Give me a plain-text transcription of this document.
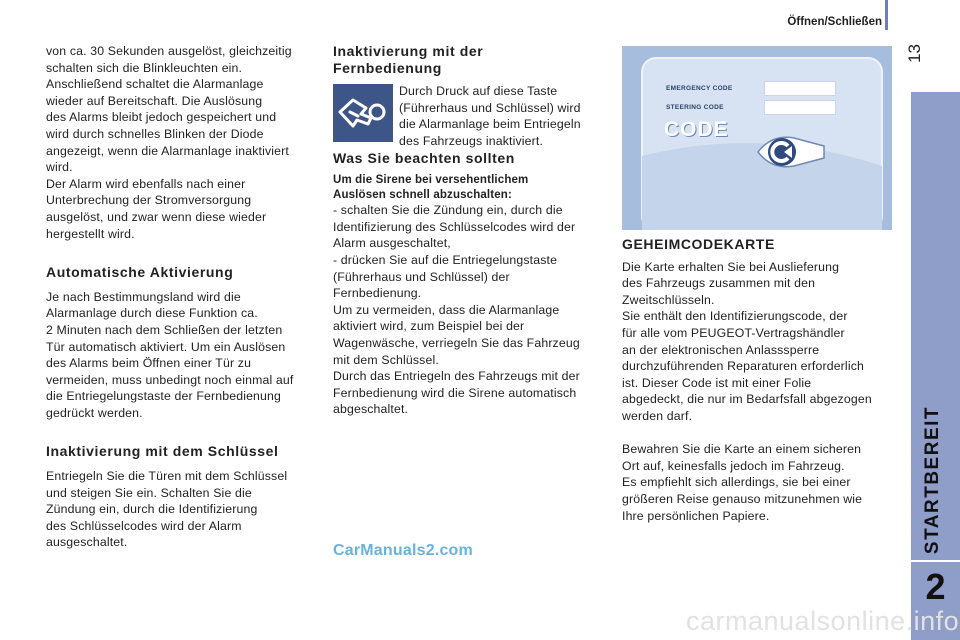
Öffnen/Schließen
13
STARTBEREIT
2

von ca. 30 Sekunden ausgelöst, gleichzeitig
schalten sich die Blinkleuchten ein.
Anschließend schaltet die Alarmanlage
wieder auf Bereitschaft. Die Auslösung
des Alarms bleibt jedoch gespeichert und
wird durch schnelles Blinken der Diode
angezeigt, wenn die Alarmanlage inaktiviert
wird.
Der Alarm wird ebenfalls nach einer
Unterbrechung der Stromversorgung
ausgelöst, und zwar wenn diese wieder
hergestellt wird.

Automatische Aktivierung

Je nach Bestimmungsland wird die
Alarmanlage durch diese Funktion ca.
2 Minuten nach dem Schließen der letzten
Tür automatisch aktiviert. Um ein Auslösen
des Alarms beim Öffnen einer Tür zu
vermeiden, muss unbedingt noch einmal auf
die Entriegelungstaste der Fernbedienung
gedrückt werden.

Inaktivierung mit dem Schlüssel

Entriegeln Sie die Türen mit dem Schlüssel
und steigen Sie ein. Schalten Sie die
Zündung ein, durch die Identifizierung
des Schlüsselcodes wird der Alarm
ausgeschaltet.

Inaktivierung mit der
Fernbedienung

Durch Druck auf diese Taste
(Führerhaus und Schlüssel) wird
die Alarmanlage beim Entriegeln
des Fahrzeugs inaktiviert.

Was Sie beachten sollten
Um die Sirene bei versehentlichem
Auslösen schnell abzuschalten:

- schalten Sie die Zündung ein, durch die
Identifizierung des Schlüsselcodes wird der
Alarm ausgeschaltet,
- drücken Sie auf die Entriegelungstaste
(Führerhaus und Schlüssel) der
Fernbedienung.
Um zu vermeiden, dass die Alarmanlage
aktiviert wird, zum Beispiel bei der
Wagenwäsche, verriegeln Sie das Fahrzeug
mit dem Schlüssel.
Durch das Entriegeln des Fahrzeugs mit der
Fernbedienung wird die Sirene automatisch
abgeschaltet.

EMERGENCY CODE
STEERING CODE
CODE
GEHEIMCODEKARTE

Die Karte erhalten Sie bei Auslieferung
des Fahrzeugs zusammen mit den
Zweitschlüsseln.
Sie enthält den Identifizierungscode, der
für alle vom PEUGEOT-Vertragshändler
an der elektronischen Anlasssperre
durchzuführenden Reparaturen erforderlich
ist. Dieser Code ist mit einer Folie
abgedeckt, die nur im Bedarfsfall abgezogen
werden darf.

Bewahren Sie die Karte an einem sicheren
Ort auf, keinesfalls jedoch im Fahrzeug.
Es empfiehlt sich allerdings, sie bei einer
größeren Reise genauso mitzunehmen wie
Ihre persönlichen Papiere.

CarManuals2.com
carmanualsonline.info
